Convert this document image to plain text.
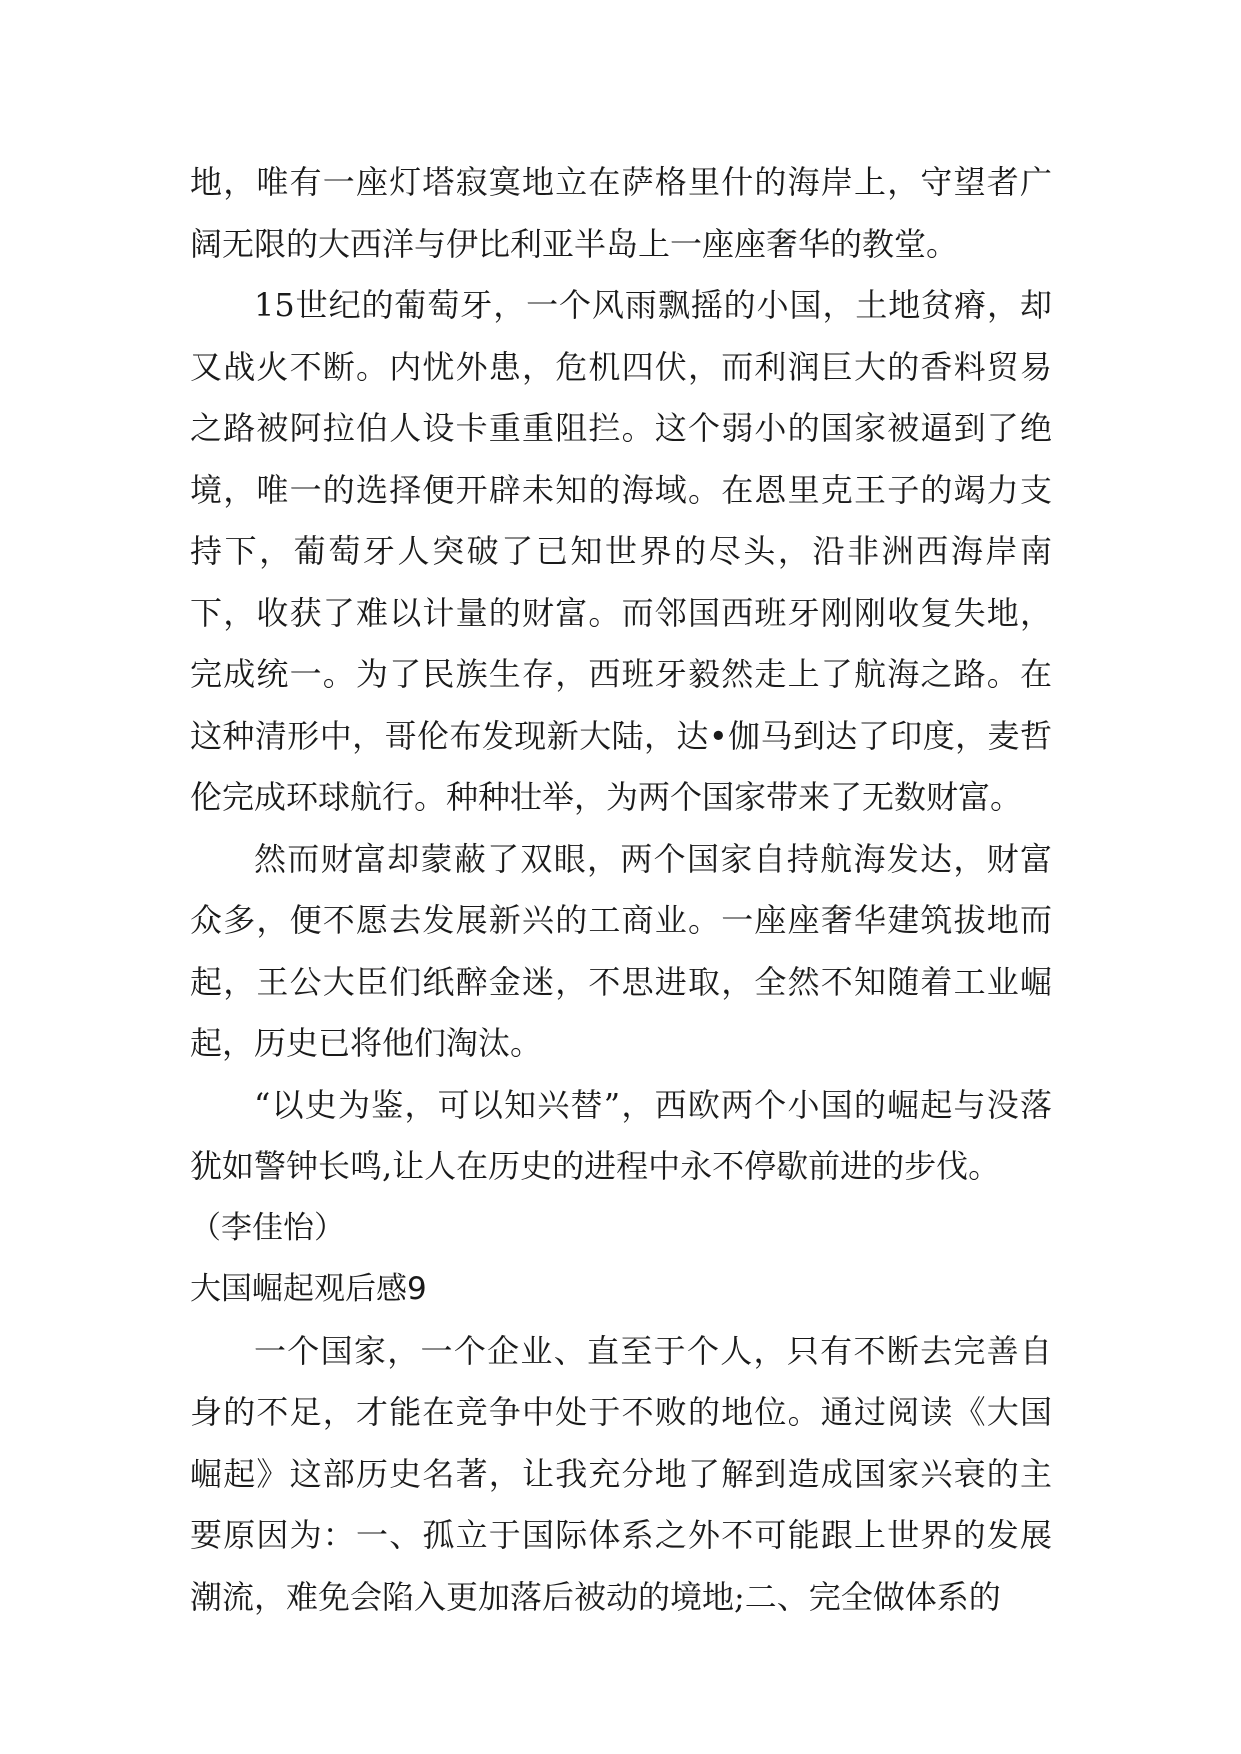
地，唯有一座灯塔寂寞地立在萨格里什的海岸上，守望者广阔无限的大西洋与伊比利亚半岛上一座座奢华的教堂。

15世纪的葡萄牙，一个风雨飘摇的小国，土地贫瘠，却又战火不断。内忧外患，危机四伏，而利润巨大的香料贸易之路被阿拉伯人设卡重重阻拦。这个弱小的国家被逼到了绝境，唯一的选择便开辟未知的海域。在恩里克王子的竭力支持下，葡萄牙人突破了已知世界的尽头，沿非洲西海岸南下，收获了难以计量的财富。而邻国西班牙刚刚收复失地，完成统一。为了民族生存，西班牙毅然走上了航海之路。在这种清形中，哥伦布发现新大陆，达•伽马到达了印度，麦哲伦完成环球航行。种种壮举，为两个国家带来了无数财富。

然而财富却蒙蔽了双眼，两个国家自持航海发达，财富众多，便不愿去发展新兴的工商业。一座座奢华建筑拔地而起，王公大臣们纸醉金迷，不思进取，全然不知随着工业崛起，历史已将他们淘汰。

“以史为鉴，可以知兴替”，西欧两个小国的崛起与没落犹如警钟长鸣,让人在历史的进程中永不停歇前进的步伐。

（李佳怡）

大国崛起观后感9

一个国家，一个企业、直至于个人，只有不断去完善自身的不足，才能在竞争中处于不败的地位。通过阅读《大国崛起》这部历史名著，让我充分地了解到造成国家兴衰的主要原因为：一、孤立于国际体系之外不可能跟上世界的发展潮流，难免会陷入更加落后被动的境地;二、完全做体系的
